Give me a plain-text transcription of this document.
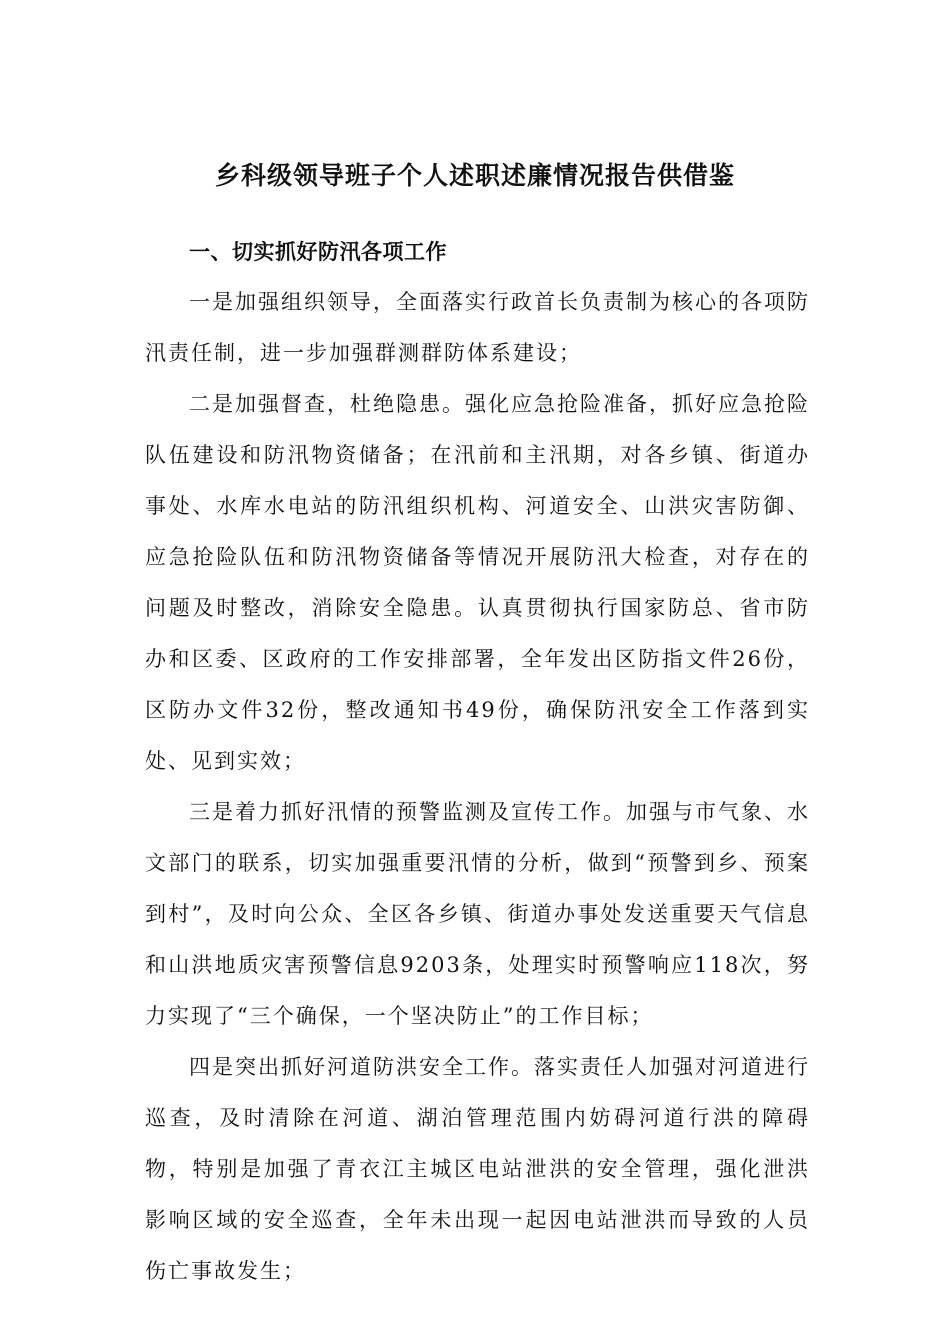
乡科级领导班子个人述职述廉情况报告供借鉴

一、切实抓好防汛各项工作

一是加强组织领导，全面落实行政首长负责制为核心的各项防汛责任制，进一步加强群测群防体系建设；

二是加强督查，杜绝隐患。强化应急抢险准备，抓好应急抢险队伍建设和防汛物资储备；在汛前和主汛期，对各乡镇、街道办事处、水库水电站的防汛组织机构、河道安全、山洪灾害防御、应急抢险队伍和防汛物资储备等情况开展防汛大检查，对存在的问题及时整改，消除安全隐患。认真贯彻执行国家防总、省市防办和区委、区政府的工作安排部署，全年发出区防指文件26份，区防办文件32份，整改通知书49份，确保防汛安全工作落到实处、见到实效；

三是着力抓好汛情的预警监测及宣传工作。加强与市气象、水文部门的联系，切实加强重要汛情的分析，做到“预警到乡、预案到村”，及时向公众、全区各乡镇、街道办事处发送重要天气信息和山洪地质灾害预警信息9203条，处理实时预警响应118次，努力实现了“三个确保，一个坚决防止”的工作目标；

四是突出抓好河道防洪安全工作。落实责任人加强对河道进行巡查，及时清除在河道、湖泊管理范围内妨碍河道行洪的障碍物，特别是加强了青衣江主城区电站泄洪的安全管理，强化泄洪影响区域的安全巡查，全年未出现一起因电站泄洪而导致的人员伤亡事故发生；
